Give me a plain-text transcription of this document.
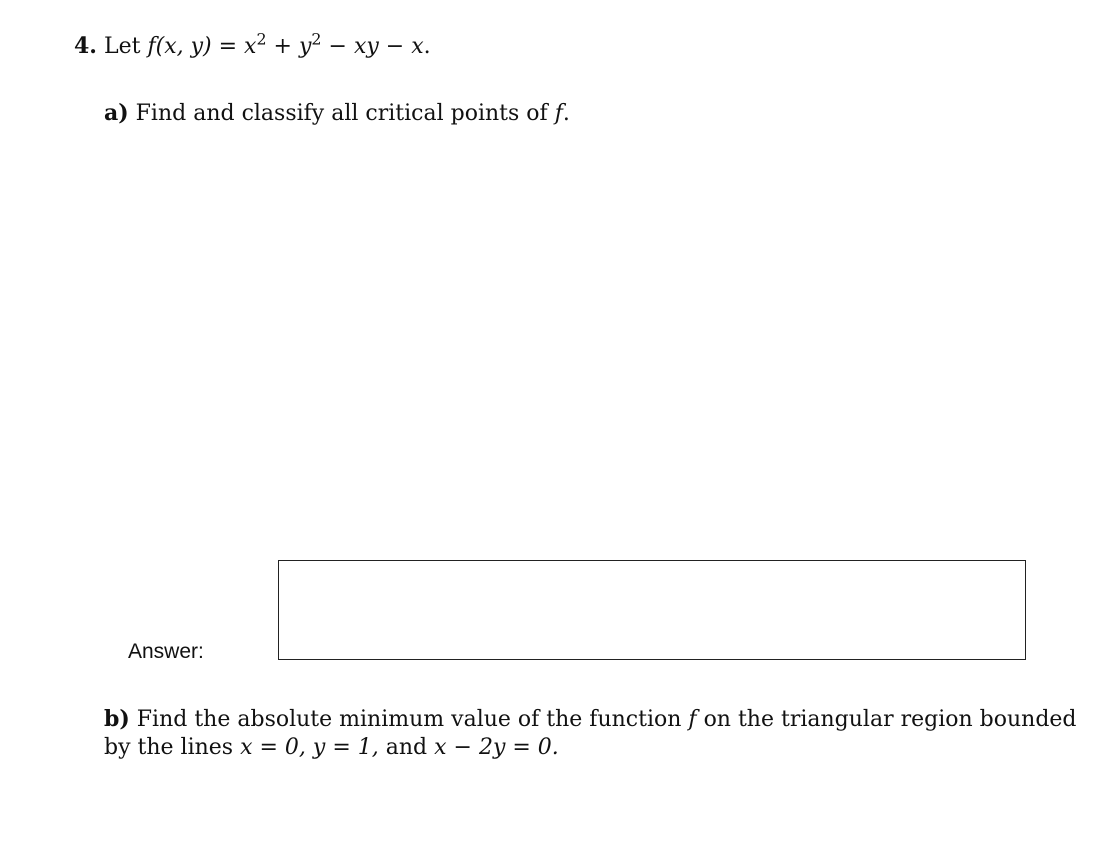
4. Let f(x, $y) = x^2 + y^2$ − xy − x.
a) Find and classify all critical points of f.
Answer:
b) Find the absolute minimum value of the function f on the triangular region bounded
by the lines x = 0, y = 1, and x − 2y = 0.
